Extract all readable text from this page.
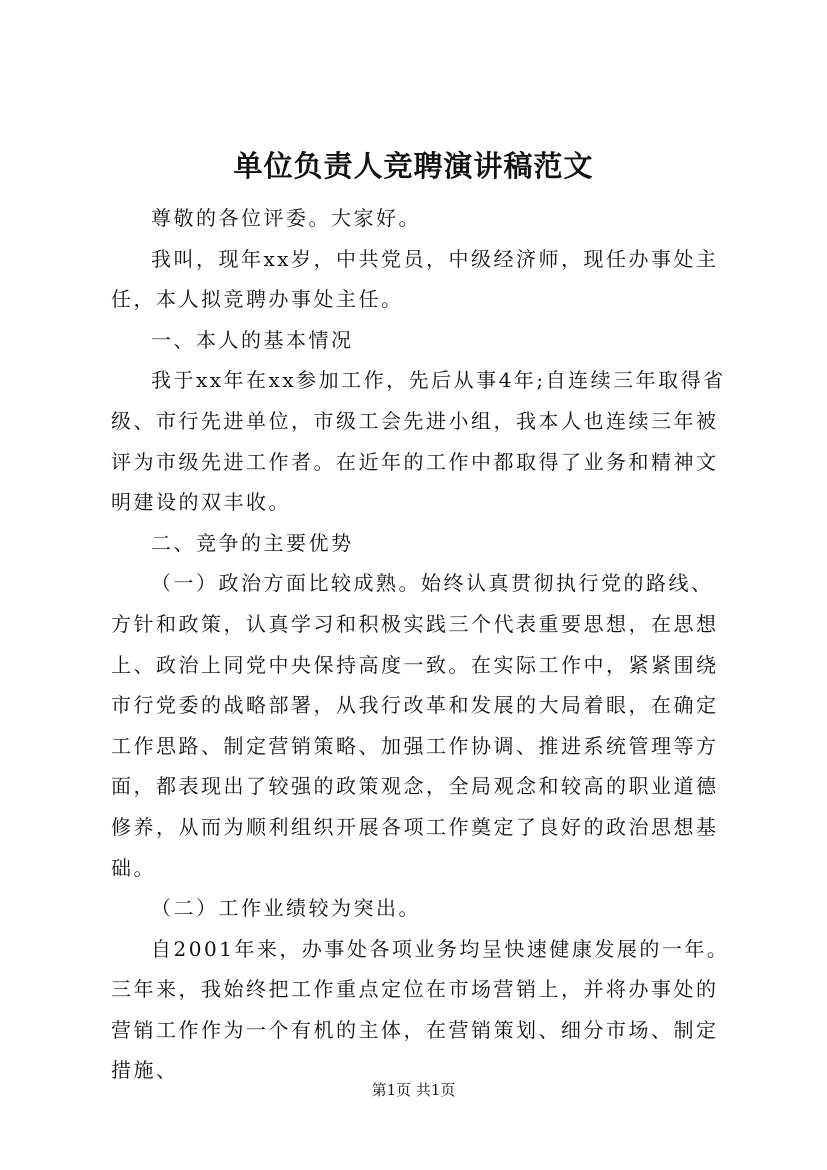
单位负责人竞聘演讲稿范文

尊敬的各位评委。大家好。

我叫，现年xx岁，中共党员，中级经济师，现任办事处主任，本人拟竞聘办事处主任。

一、本人的基本情况

我于xx年在xx参加工作，先后从事4年;自连续三年取得省级、市行先进单位，市级工会先进小组，我本人也连续三年被评为市级先进工作者。在近年的工作中都取得了业务和精神文明建设的双丰收。

二、竞争的主要优势

（一）政治方面比较成熟。始终认真贯彻执行党的路线、方针和政策，认真学习和积极实践三个代表重要思想，在思想上、政治上同党中央保持高度一致。在实际工作中，紧紧围绕市行党委的战略部署，从我行改革和发展的大局着眼，在确定工作思路、制定营销策略、加强工作协调、推进系统管理等方面，都表现出了较强的政策观念，全局观念和较高的职业道德修养，从而为顺利组织开展各项工作奠定了良好的政治思想基础。

（二）工作业绩较为突出。

自2001年来，办事处各项业务均呈快速健康发展的一年。三年来，我始终把工作重点定位在市场营销上，并将办事处的营销工作作为一个有机的主体，在营销策划、细分市场、制定措施、

第1页 共1页
